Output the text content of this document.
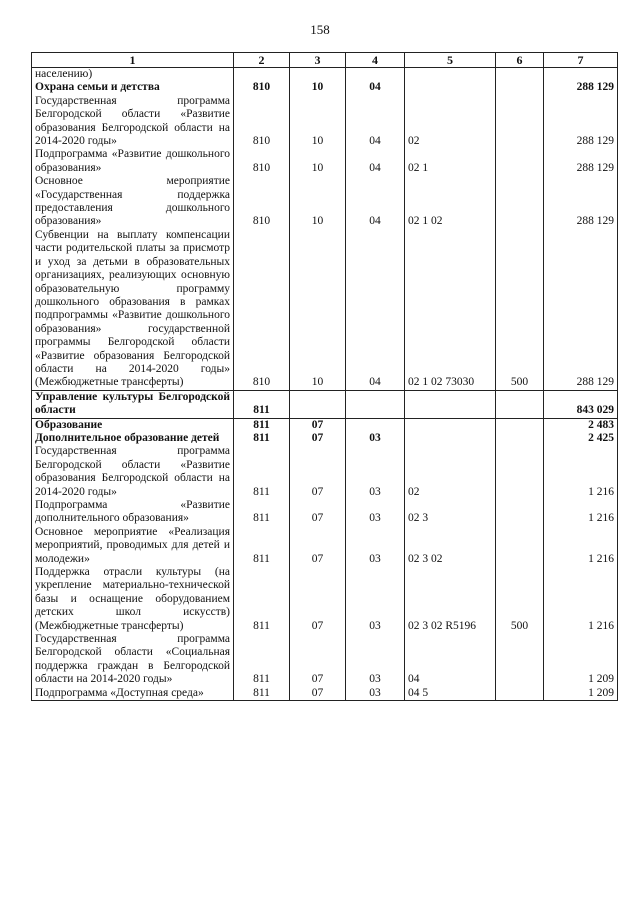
158
1	2	3	4	5	6	7
населению)						
Охрана семьи и детства	810	10	04			288 129
Государственная программа Белгородской области «Развитие образования Белгородской области на 2014-2020 годы»	810	10	04	02		288 129
Подпрограмма «Развитие дошкольного образования»	810	10	04	02 1		288 129
Основное мероприятие «Государственная поддержка предоставления дошкольного образования»	810	10	04	02 1 02		288 129
Субвенции на выплату компенсации части родительской платы за присмотр и уход за детьми в образовательных организациях, реализующих основную образовательную программу дошкольного образования в рамках подпрограммы «Развитие дошкольного образования» государственной программы Белгородской области «Развитие образования Белгородской области на 2014-2020 годы» (Межбюджетные трансферты)	810	10	04	02 1 02 73030	500	288 129
Управление культуры Белгородской области	811					843 029
Образование	811	07				2 483
Дополнительное образование детей	811	07	03			2 425
Государственная программа Белгородской области «Развитие образования Белгородской области на 2014-2020 годы»	811	07	03	02		1 216
Подпрограмма «Развитие дополнительного образования»	811	07	03	02 3		1 216
Основное мероприятие «Реализация мероприятий, проводимых для детей и молодежи»	811	07	03	02 3 02		1 216
Поддержка отрасли культуры (на укрепление материально-технической базы и оснащение оборудованием детских школ искусств) (Межбюджетные трансферты)	811	07	03	02 3 02 R5196	500	1 216
Государственная программа Белгородской области «Социальная поддержка граждан в Белгородской области на 2014-2020 годы»	811	07	03	04		1 209
Подпрограмма «Доступная среда»	811	07	03	04 5		1 209
